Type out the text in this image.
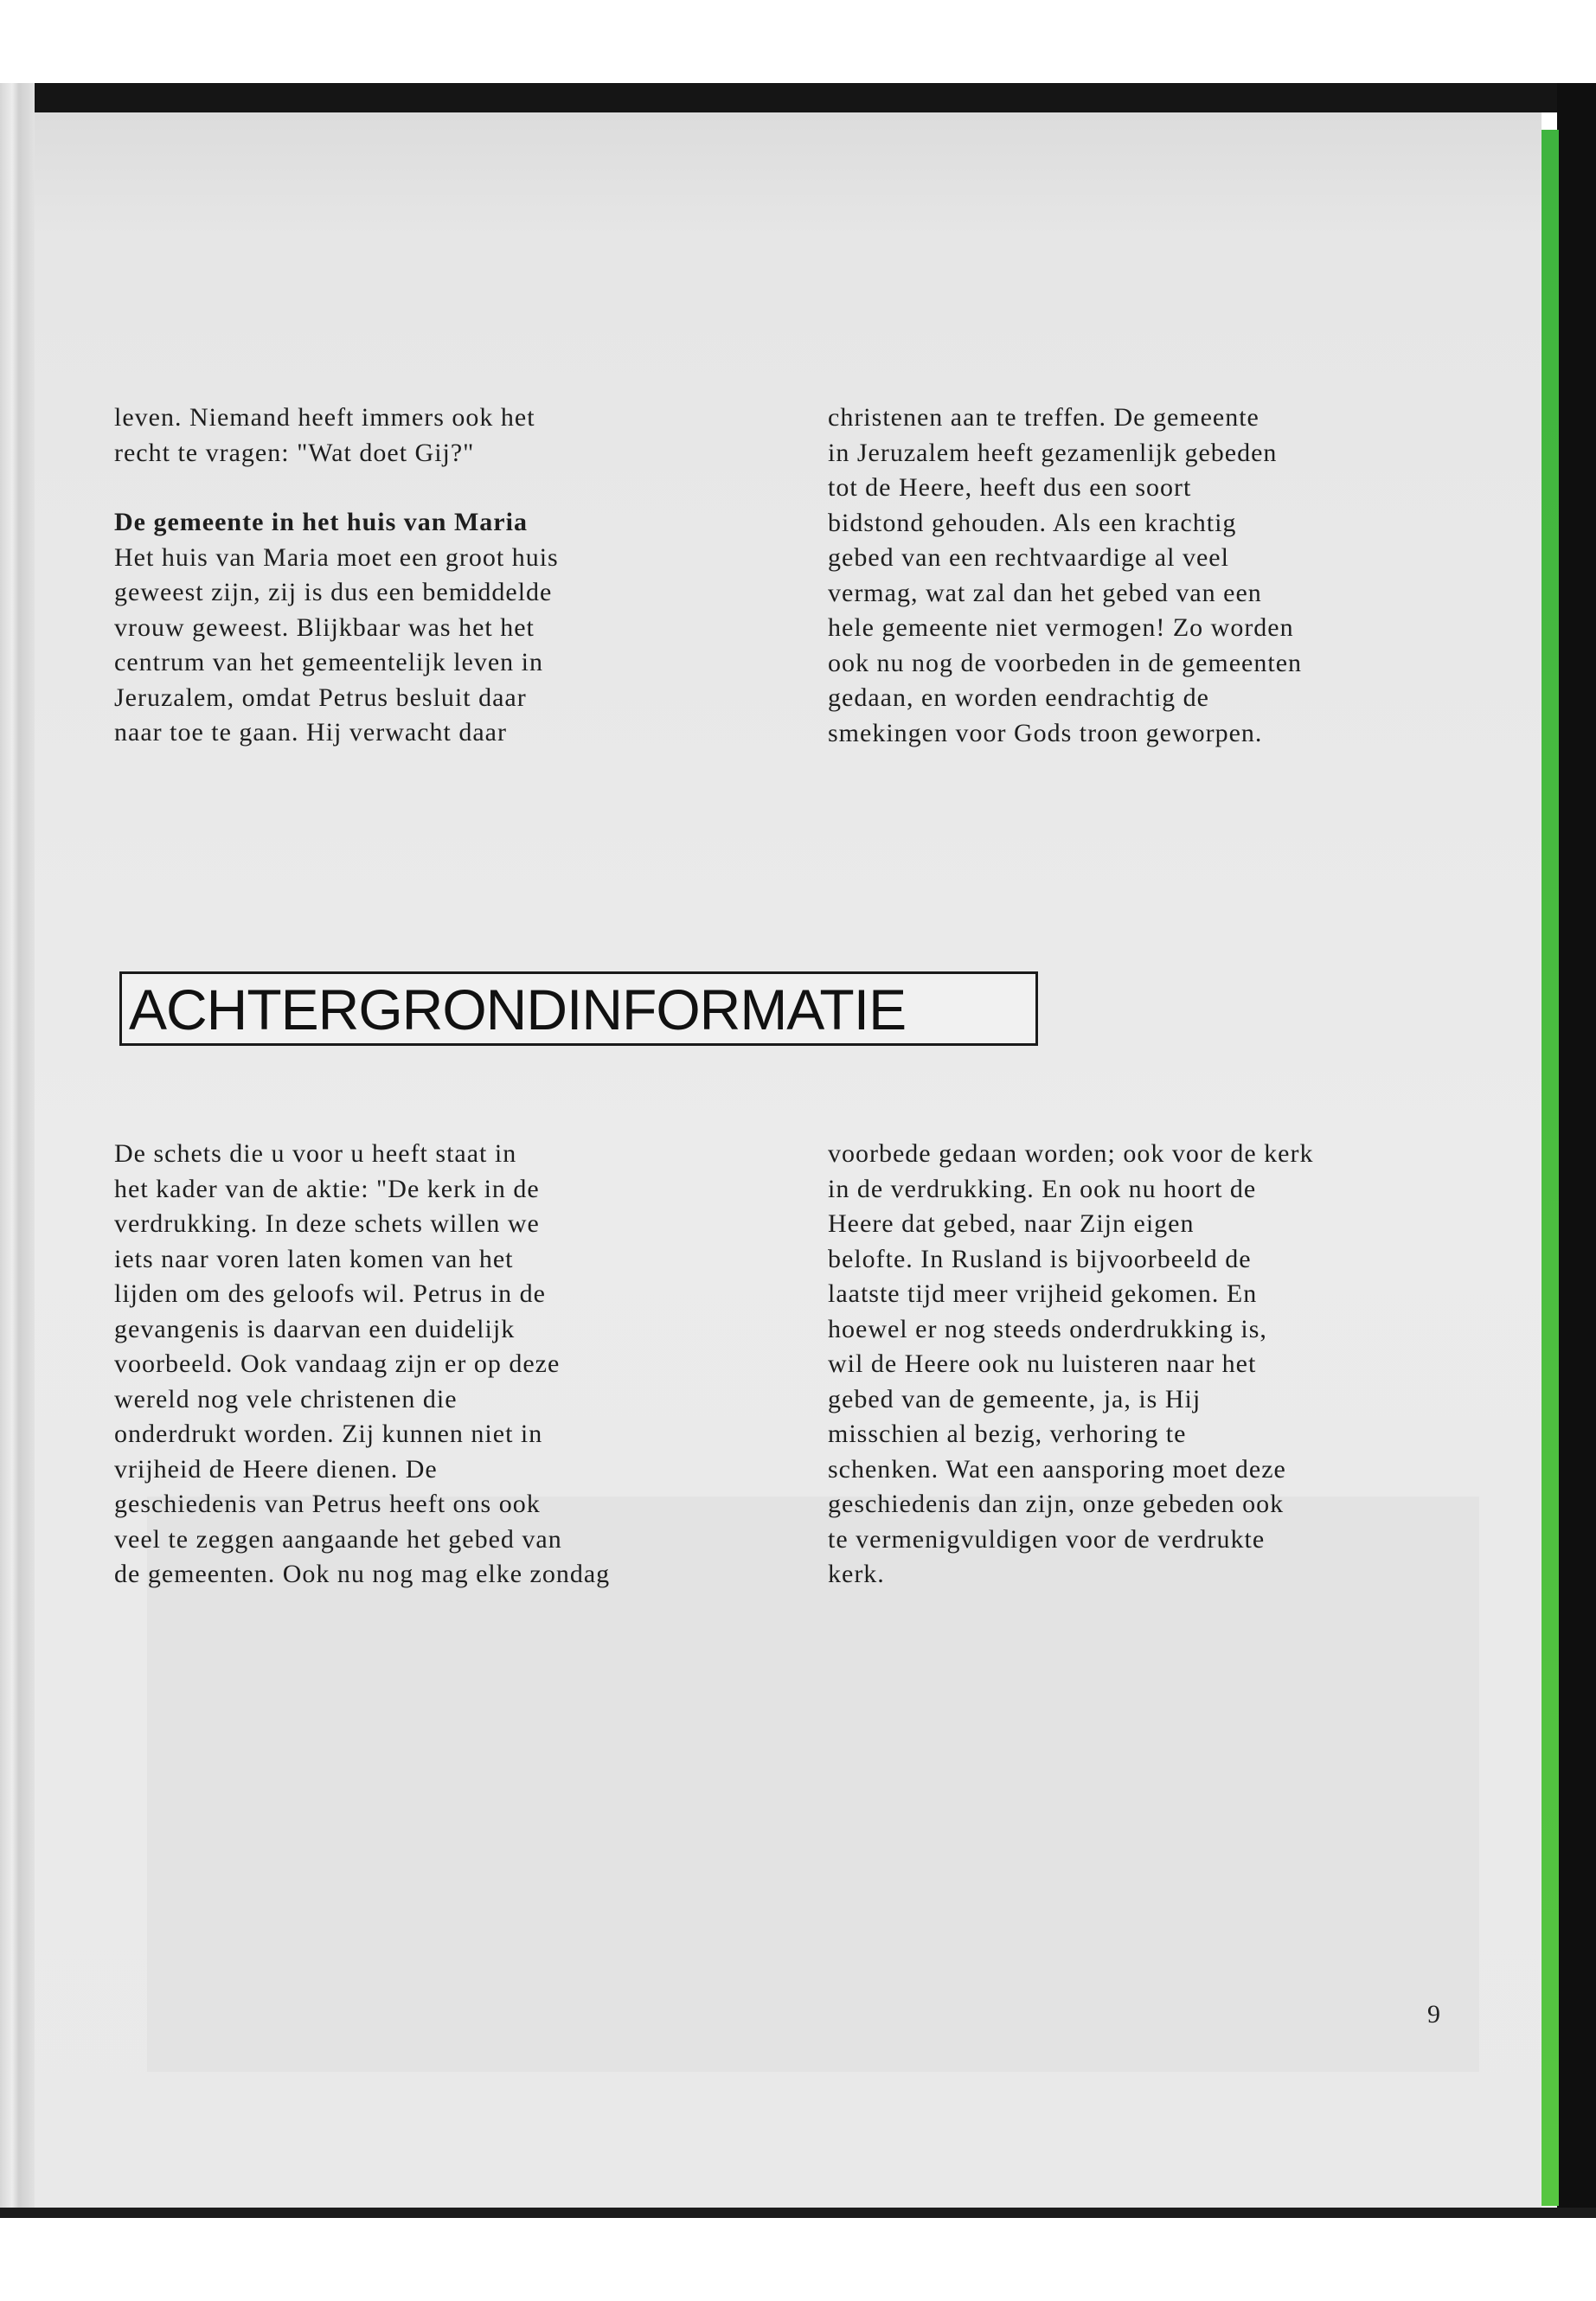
leven. Niemand heeft immers ook het
recht te vragen: "Wat doet Gij?"
De gemeente in het huis van Maria
Het huis van Maria moet een groot huis
geweest zijn, zij is dus een bemiddelde
vrouw geweest. Blijkbaar was het het
centrum van het gemeentelijk leven in
Jeruzalem, omdat Petrus besluit daar
naar toe te gaan. Hij verwacht daar
christenen aan te treffen. De gemeente
in Jeruzalem heeft gezamenlijk gebeden
tot de Heere, heeft dus een soort
bidstond gehouden. Als een krachtig
gebed van een rechtvaardige al veel
vermag, wat zal dan het gebed van een
hele gemeente niet vermogen! Zo worden
ook nu nog de voorbeden in de gemeenten
gedaan, en worden eendrachtig de
smekingen voor Gods troon geworpen.
ACHTERGRONDINFORMATIE
De schets die u voor u heeft staat in
het kader van de aktie: "De kerk in de
verdrukking. In deze schets willen we
iets naar voren laten komen van het
lijden om des geloofs wil. Petrus in de
gevangenis is daarvan een duidelijk
voorbeeld. Ook vandaag zijn er op deze
wereld nog vele christenen die
onderdrukt worden. Zij kunnen niet in
vrijheid de Heere dienen. De
geschiedenis van Petrus heeft ons ook
veel te zeggen aangaande het gebed van
de gemeenten. Ook nu nog mag elke zondag
voorbede gedaan worden; ook voor de kerk
in de verdrukking. En ook nu hoort de
Heere dat gebed, naar Zijn eigen
belofte. In Rusland is bijvoorbeeld de
laatste tijd meer vrijheid gekomen. En
hoewel er nog steeds onderdrukking is,
wil de Heere ook nu luisteren naar het
gebed van de gemeente, ja, is Hij
misschien al bezig, verhoring te
schenken. Wat een aansporing moet deze
geschiedenis dan zijn, onze gebeden ook
te vermenigvuldigen voor de verdrukte
kerk.
9
